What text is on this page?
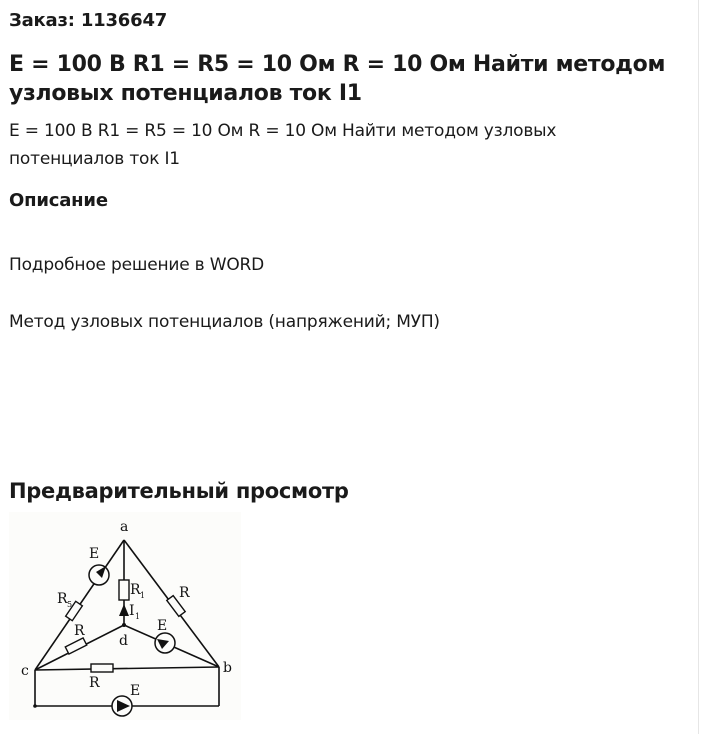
Заказ: 1136647
E = 100 В R1 = R5 = 10 Ом R = 10 Ом Найти методом узловых потенциалов ток I1
E = 100 В R1 = R5 = 10 Ом R = 10 Ом Найти методом узловых потенциалов ток I1
Описание
Подробное решение в WORD
Метод узловых потенциалов (напряжений; МУП)
Предварительный просмотр
a
b
c
d
E
E
E
R 1
R 5
R
R
R
I 1
